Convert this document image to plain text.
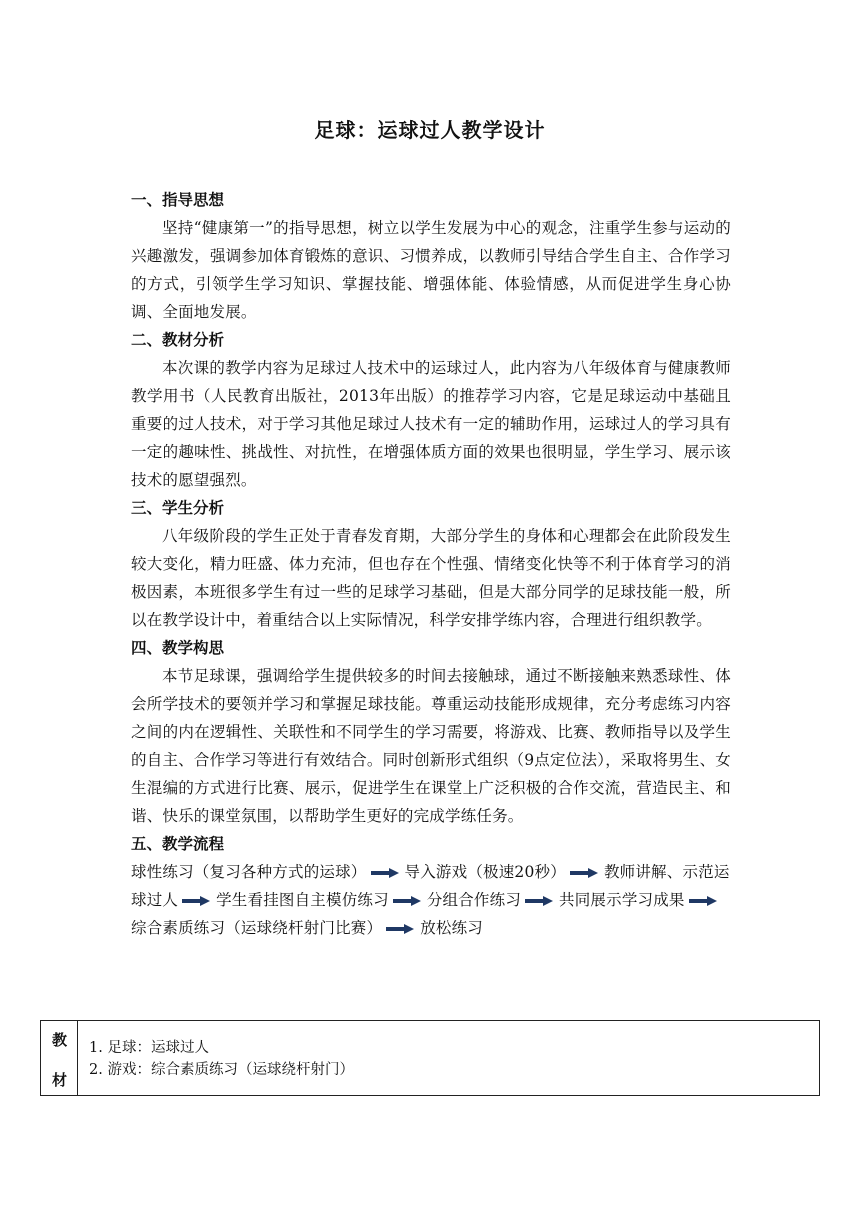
足球：运球过人教学设计
一、指导思想

坚持“健康第一”的指导思想，树立以学生发展为中心的观念，注重学生参与运动的兴趣激发，强调参加体育锻炼的意识、习惯养成，以教师引导结合学生自主、合作学习的方式，引领学生学习知识、掌握技能、增强体能、体验情感，从而促进学生身心协调、全面地发展。

二、教材分析

本次课的教学内容为足球过人技术中的运球过人，此内容为八年级体育与健康教师教学用书（人民教育出版社，2013年出版）的推荐学习内容，它是足球运动中基础且重要的过人技术，对于学习其他足球过人技术有一定的辅助作用，运球过人的学习具有一定的趣味性、挑战性、对抗性，在增强体质方面的效果也很明显，学生学习、展示该技术的愿望强烈。

三、学生分析

八年级阶段的学生正处于青春发育期，大部分学生的身体和心理都会在此阶段发生较大变化，精力旺盛、体力充沛，但也存在个性强、情绪变化快等不利于体育学习的消极因素，本班很多学生有过一些的足球学习基础，但是大部分同学的足球技能一般，所以在教学设计中，着重结合以上实际情况，科学安排学练内容，合理进行组织教学。

四、教学构思

本节足球课，强调给学生提供较多的时间去接触球，通过不断接触来熟悉球性、体会所学技术的要领并学习和掌握足球技能。尊重运动技能形成规律，充分考虑练习内容之间的内在逻辑性、关联性和不同学生的学习需要，将游戏、比赛、教师指导以及学生的自主、合作学习等进行有效结合。同时创新形式组织（9点定位法），采取将男生、女生混编的方式进行比赛、展示，促进学生在课堂上广泛积极的合作交流，营造民主、和谐、快乐的课堂氛围，以帮助学生更好的完成学练任务。

五、教学流程

球性练习（复习各种方式的运球） 导入游戏（极速20秒） 教师讲解、示范运球过人 学生看挂图自主模仿练习 分组合作练习 共同展示学习成果
综合素质练习（运球绕杆射门比赛） 放松练习

教
材
1. 足球：运球过人
2. 游戏：综合素质练习（运球绕杆射门）
